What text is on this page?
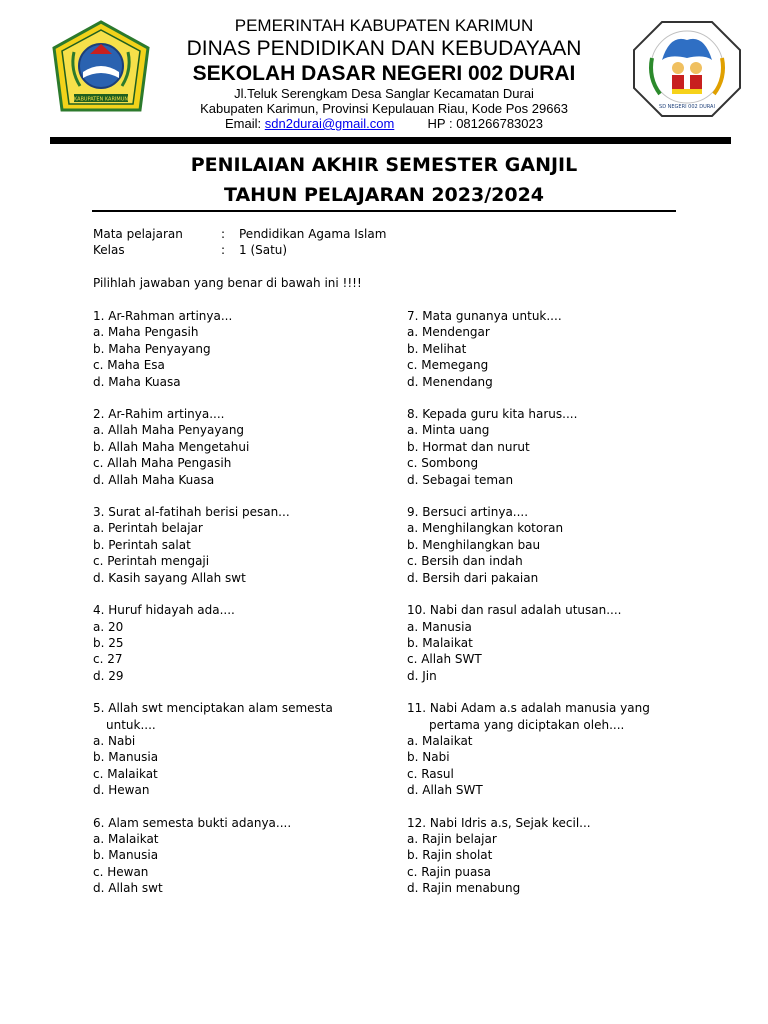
KABUPATEN KARIMUN
PEMERINTAH KABUPATEN KARIMUN
DINAS PENDIDIKAN DAN KEBUDAYAAN
SEKOLAH DASAR NEGERI 002 DURAI
Jl.Teluk Serengkam Desa Sanglar Kecamatan Durai
Kabupaten Karimun, Provinsi Kepulauan Riau, Kode Pos 29663
Email: sdn2durai@gmail.com	HP : 081266783023
SD NEGERI 002 DURAI
PENILAIAN AKHIR SEMESTER GANJIL
TAHUN PELAJARAN 2023/2024
Mata pelajaran	:	Pendidikan Agama Islam
Kelas	:	1 (Satu)
Pilihlah jawaban yang benar di bawah ini !!!!
1. Ar-Rahman artinya...
a. Maha Pengasih
b. Maha Penyayang
c. Maha Esa
d. Maha Kuasa
2. Ar-Rahim artinya....
a. Allah Maha Penyayang
b. Allah Maha Mengetahui
c. Allah Maha Pengasih
d. Allah Maha Kuasa
3. Surat al-fatihah berisi pesan...
a. Perintah belajar
b. Perintah salat
c. Perintah mengaji
d. Kasih sayang Allah swt
4. Huruf hidayah ada....
a. 20
b. 25
c. 27
d. 29
5. Allah swt menciptakan alam semesta
untuk....
a. Nabi
b. Manusia
c. Malaikat
d. Hewan
6. Alam semesta bukti adanya....
a. Malaikat
b. Manusia
c. Hewan
d. Allah swt
7. Mata gunanya untuk....
a. Mendengar
b. Melihat
c. Memegang
d. Menendang
8. Kepada guru kita harus....
a. Minta uang
b. Hormat dan nurut
c. Sombong
d. Sebagai teman
9. Bersuci artinya....
a. Menghilangkan kotoran
b. Menghilangkan bau
c. Bersih dan indah
d. Bersih dari pakaian
10. Nabi dan rasul adalah utusan....
a. Manusia
b. Malaikat
c. Allah SWT
d. Jin
11. Nabi Adam a.s adalah manusia yang
pertama yang diciptakan oleh....
a. Malaikat
b. Nabi
c. Rasul
d. Allah SWT
12. Nabi Idris a.s, Sejak kecil...
a. Rajin belajar
b. Rajin sholat
c. Rajin puasa
d. Rajin menabung
